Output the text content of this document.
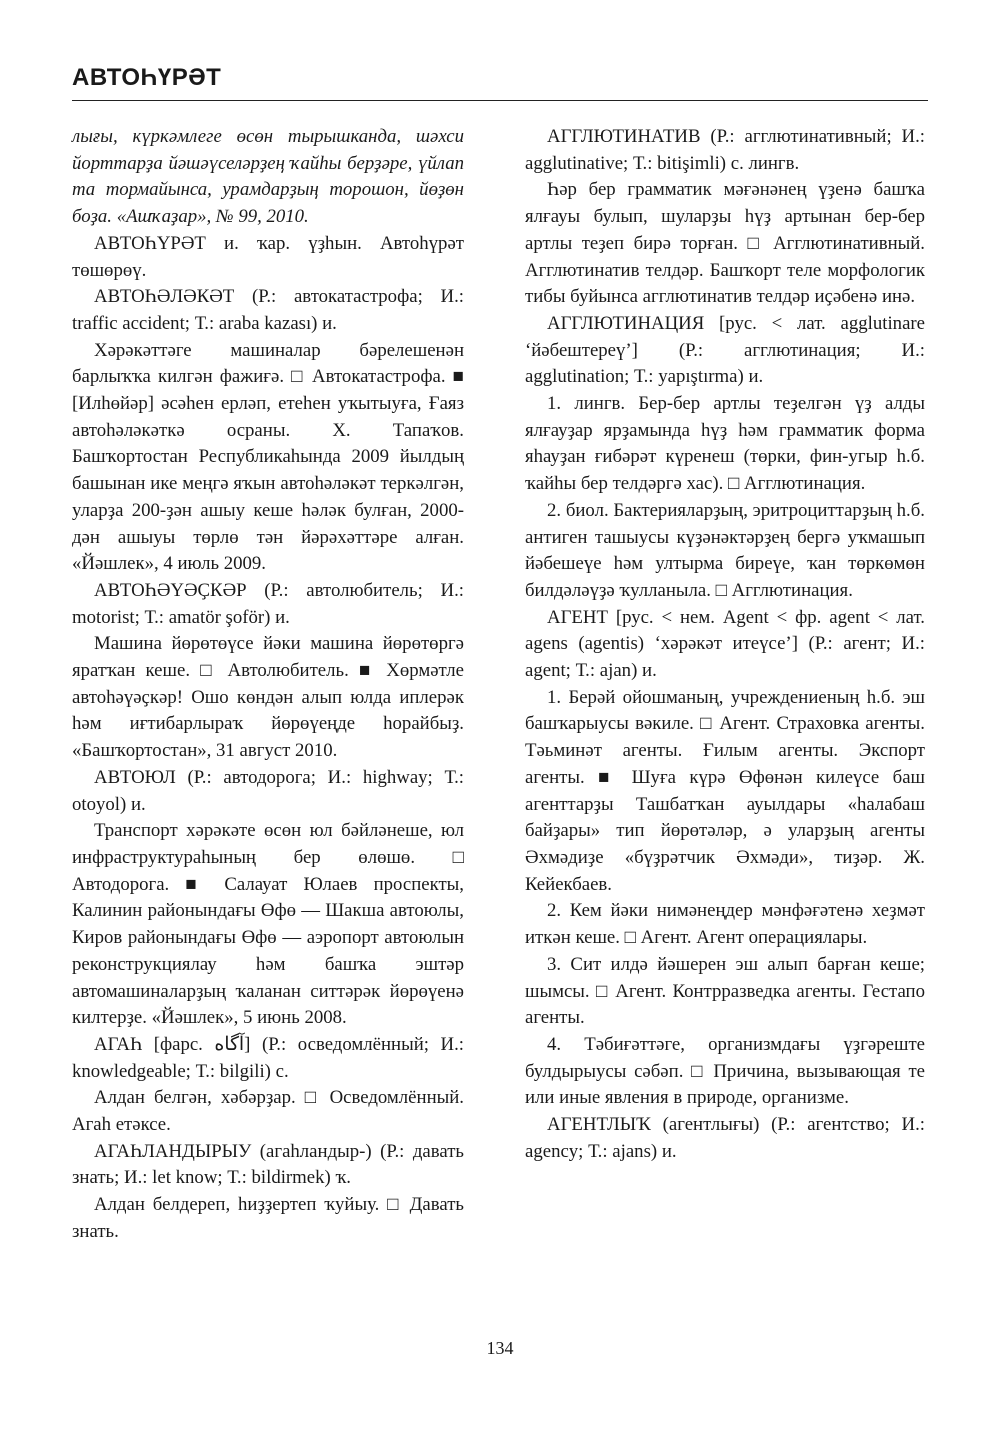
АВТОҺҮРӘТ

лығы, күркәмлеге өсөн тырышканда, шәхси йорттарҙа йәшәүселәрҙең ҡайһы берҙәре, үйлап та тормайынса, урамдарҙың торошон, йөҙөн боҙа. «Ашҡаҙар», № 99, 2010.

АВТОҺҮРӘТ и. ҡар. үҙһын. Автоһүрәт төшөрөү.

АВТОҺӘЛӘКӘТ (Р.: автокатастрофа; И.: traffic accident; Т.: araba kazası) и.

Хәрәкәттәге машиналар бәрелешенән барлыҡҡа килгән фажиғә. □ Автокатастрофа. ■ [Илһөйәр] әсәһен ерләп, етеһен уҡытыуға, Ғаяз автоһәләкәткә осраны. Х. Тапаҡов. Башҡортостан Республикаһында 2009 йылдың башынан ике меңгә яҡын автоһәләкәт теркәлгән, уларҙа 200-ҙән ашыу кеше һәләк булған, 2000-дән ашыуы төрлө тән йәрәхәттәре алған. «Йәшлек», 4 июль 2009.

АВТОҺӘҮӘҪКӘР (Р.: автолюбитель; И.: motorist; Т.: amatör şoför) и.

Машина йөрөтөүсе йәки машина йөрөтөргә яратҡан кеше. □ Автолюбитель. ■ Хөрмәтле автоһәүәҫкәр! Ошо көндән алып юлда иплерәк һәм иғтибарлыраҡ йөрөүеңде һорайбыҙ. «Башҡортостан», 31 август 2010.

АВТОЮЛ (Р.: автодорога; И.: highway; Т.: otoyol) и.

Транспорт хәрәкәте өсөн юл бәйләнеше, юл инфраструктураһының бер өлөшө. □ Автодорога. ■ Салауат Юлаев проспекты, Калинин районындағы Өфө — Шакша автоюлы, Киров районындағы Өфө — аэропорт автоюлын реконструкциялау һәм башҡа эштәр автомашиналарҙың ҡаланан ситтәрәк йөрөүенә килтерҙе. «Йәшлек», 5 июнь 2008.

АГАҺ [фарс. آگاه] (Р.: осведомлённый; И.: knowledgeable; Т.: bilgili) с.

Алдан белгән, хәбәрҙар. □ Осведомлённый. Агаһ етәксе.

АГАҺЛАНДЫРЫУ (агаһландыр-) (Р.: давать знать; И.: let know; Т.: bildirmek) ҡ.

Алдан белдереп, һиҙҙертеп ҡуйыу. □ Давать знать.

АГГЛЮТИНАТИВ (Р.: агглютинативный; И.: agglutinative; Т.: bitişimli) с. лингв.

Һәр бер грамматик мәғәнәнең үҙенә башҡа ялғауы булып, шуларҙы һүҙ артынан бер-бер артлы теҙеп бирә торған. □ Агглютинативный. Агглютинатив телдәр. Башҡорт теле морфологик тибы буйынса агглютинатив телдәр иҫәбенә инә.

АГГЛЮТИНАЦИЯ [рус. < лат. agglutinare ‘йәбештереү’] (Р.: агглютинация; И.: agglutination; Т.: yapıştırma) и.

1. лингв. Бер-бер артлы теҙелгән үҙ алды ялғауҙар ярҙамында һүҙ һәм грамматик форма яһауҙан ғибәрәт күренеш (төрки, фин-угыр һ.б. ҡайһы бер телдәргә хас). □ Агглютинация.

2. биол. Бактерияларҙың, эритроциттарҙың һ.б. антиген ташыусы күҙәнәктәрҙең бергә уҡмашып йәбешеүе һәм ултырма биреүе, ҡан төркөмөн билдәләүҙә ҡулланыла. □ Агглютинация.

АГЕНТ [рус. < нем. Agent < фр. agent < лат. agens (agentis) ‘хәрәкәт итеүсе’] (Р.: агент; И.: agent; Т.: ajan) и.

1. Берәй ойошманың, учреждениеның һ.б. эш башҡарыусы вәкиле. □ Агент. Страховка агенты. Тәьминәт агенты. Ғилым агенты. Экспорт агенты. ■ Шуға күрә Өфөнән килеүсе баш агенттарҙы Ташбатҡан ауылдары «һалабаш байҙары» тип йөрөтәләр, ә уларҙың агенты Әхмәдиҙе «бүҙрәтчик Әхмәди», тиҙәр. Ж. Кейекбаев.

2. Кем йәки нимәнеңдер мәнфәғәтенә хеҙмәт иткән кеше. □ Агент. Агент операциялары.

3. Сит илдә йәшерен эш алып барған кеше; шымсы. □ Агент. Контрразведка агенты. Гестапо агенты.

4. Тәбиғәттәге, организмдағы үҙгәреште булдырыусы сәбәп. □ Причина, вызывающая те или иные явления в природе, организме.

АГЕНТЛЫҠ (агентлығы) (Р.: агентство; И.: agency; Т.: ajans) и.

134
